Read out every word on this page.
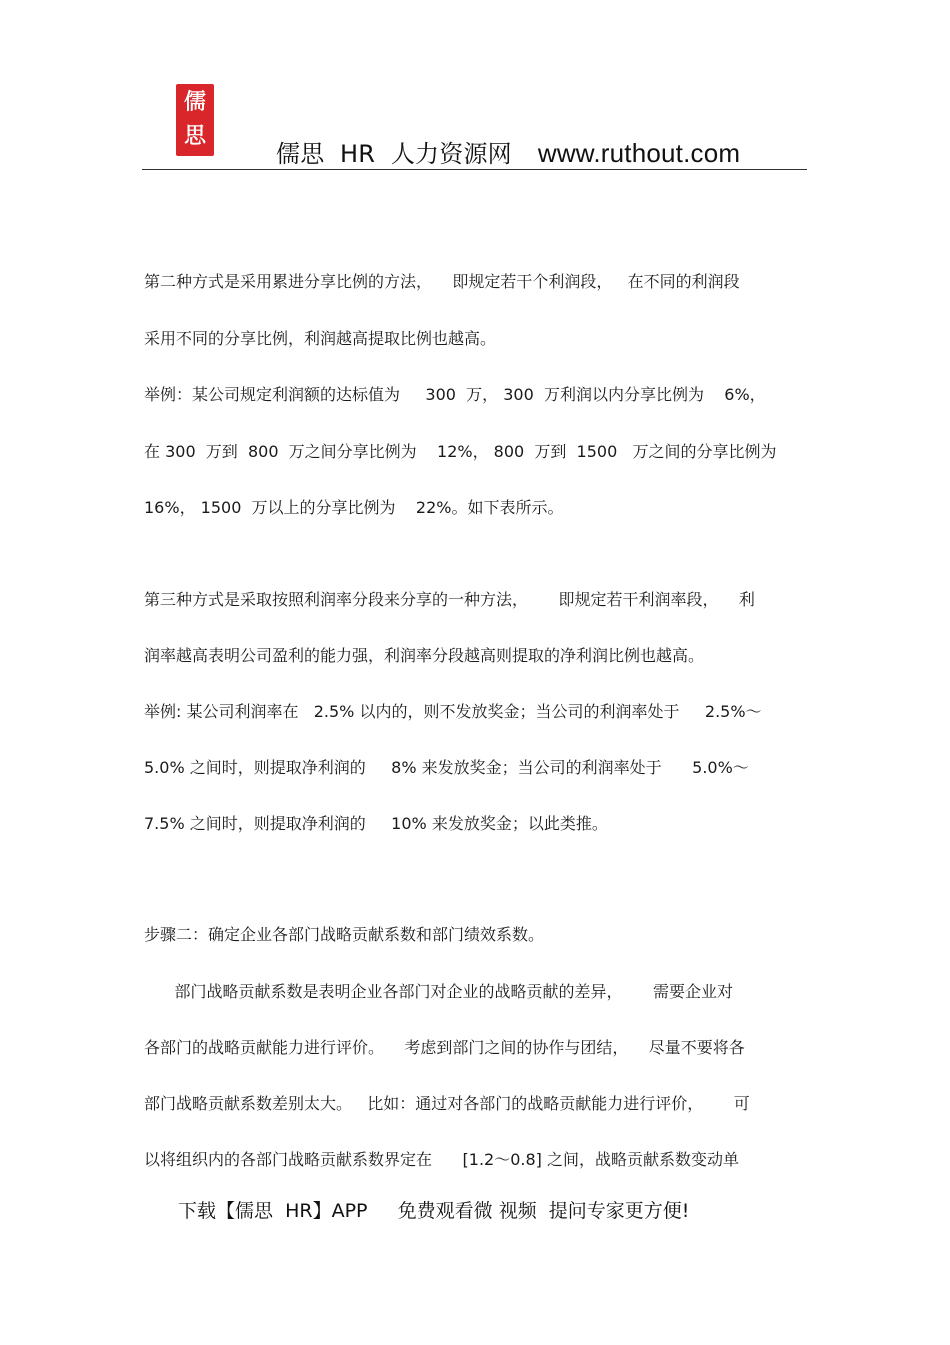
儒
思
儒思  HR  人力资源网 www.ruthout.com
第二种方式是采用累进分享比例的方法，    即规定若干个利润段，   在不同的利润段
采用不同的分享比例，利润越高提取比例也越高。
举例：某公司规定利润额的达标值为     300  万， 300  万利润以内分享比例为    6%，
在 300  万到  800  万之间分享比例为    12%， 800  万到  1500   万之间的分享比例为
16%， 1500  万以上的分享比例为    22%。如下表所示。
第三种方式是采取按照利润率分段来分享的一种方法，      即规定若干利润率段，    利
润率越高表明公司盈利的能力强，利润率分段越高则提取的净利润比例也越高。
举例: 某公司利润率在   2.5% 以内的，则不发放奖金；当公司的利润率处于     2.5%～
5.0% 之间时，则提取净利润的     8% 来发放奖金；当公司的利润率处于      5.0%～
7.5% 之间时，则提取净利润的     10% 来发放奖金；以此类推。
步骤二：确定企业各部门战略贡献系数和部门绩效系数。
部门战略贡献系数是表明企业各部门对企业的战略贡献的差异，      需要企业对
各部门的战略贡献能力进行评价。    考虑到部门之间的协作与团结，    尽量不要将各
部门战略贡献系数差别太大。   比如：通过对各部门的战略贡献能力进行评价，      可
以将组织内的各部门战略贡献系数界定在      [1.2～0.8] 之间，战略贡献系数变动单
下载【儒思  HR】APP     免费观看微 视频  提问专家更方便!
